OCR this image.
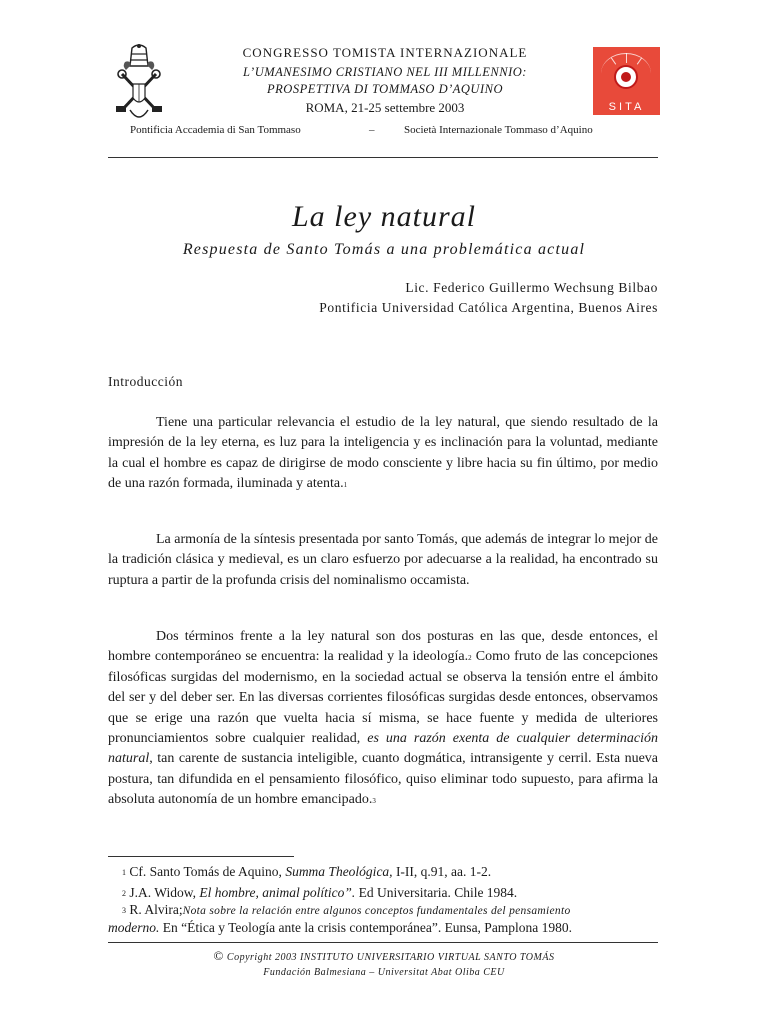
CONGRESSO TOMISTA INTERNAZIONALE
L’UMANESIMO CRISTIANO NEL III MILLENNIO:
PROSPETTIVA DI TOMMASO D’AQUINO
ROMA, 21-25 settembre 2003	SITA
Pontificia Accademia di San Tommaso	–	Società Internazionale Tommaso d’Aquino
La ley natural
Respuesta de Santo Tomás a una problemática actual
Lic. Federico Guillermo Wechsung Bilbao
Pontificia Universidad Católica Argentina, Buenos Aires
Introducción

Tiene una particular relevancia el estudio de la ley natural, que siendo resultado de la impresión de la ley eterna, es luz para la inteligencia y es inclinación para la voluntad, mediante la cual el hombre es capaz de dirigirse de modo consciente y libre hacia su fin último, por medio de una razón formada, iluminada y atenta.$^1$

La armonía de la síntesis presentada por santo Tomás, que además de integrar lo mejor de la tradición clásica y medieval, es un claro esfuerzo por adecuarse a la realidad, ha encontrado su ruptura a partir de la profunda crisis del nominalismo occamista.

Dos términos frente a la ley natural son dos posturas en las que, desde entonces, el hombre contemporáneo se encuentra: la realidad y la ideología.$^2$ Como fruto de las concepciones filosóficas surgidas del modernismo, en la sociedad actual se observa la tensión entre el ámbito del ser y del deber ser. En las diversas corrientes filosóficas surgidas desde entonces, observamos que se erige una razón que vuelta hacia sí misma, se hace fuente y medida de ulteriores pronunciamientos sobre cualquier realidad, es una razón exenta de cualquier determinación natural, tan carente de sustancia inteligible, cuanto dogmática, intransigente y cerril. Esta nueva postura, tan difundida en el pensamiento filosófico, quiso eliminar todo supuesto, para afirma la absoluta autonomía de un hombre emancipado.$^3$

$^1$ Cf. Santo Tomás de Aquino, Summa Theológica, I-II, q.91, aa. 1-2.
$^2$ J.A. Widow, El hombre, animal político”. Ed Universitaria. Chile 1984.
$^3$ R. Alvira;Nota sobre la relación entre algunos conceptos fundamentales del pensamiento
moderno. En “Ética y Teología ante la crisis contemporánea”. Eunsa, Pamplona 1980.
© Copyright 2003 INSTITUTO UNIVERSITARIO VIRTUAL SANTO TOMÁS
Fundación Balmesiana – Universitat Abat Oliba CEU
